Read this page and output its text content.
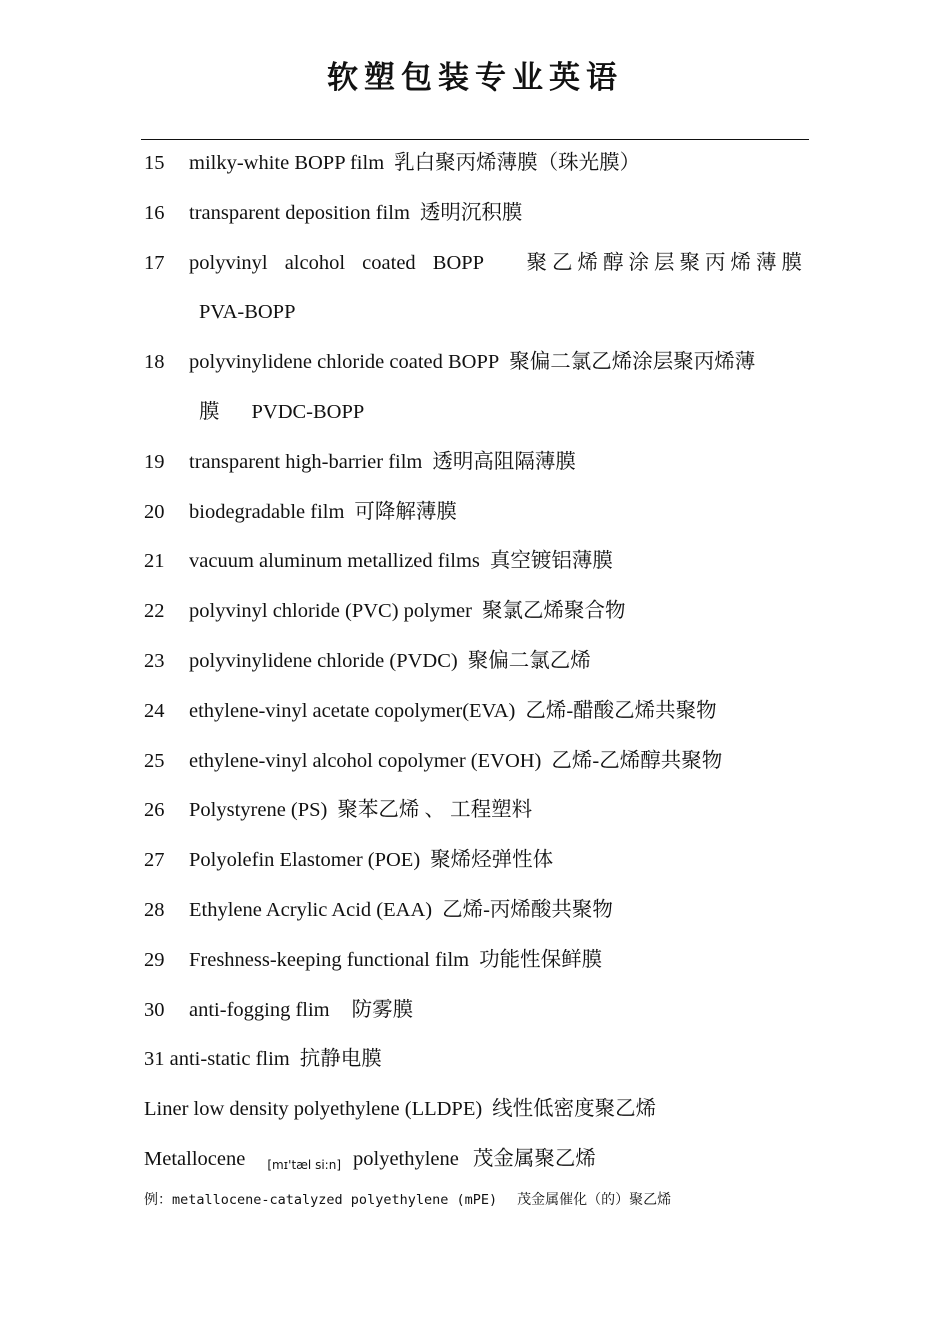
软塑包装专业英语
15 milky-white BOPP film 乳白聚丙烯薄膜（珠光膜）
16 transparent deposition film 透明沉积膜
17 polyvinyl alcohol coated BOPP 聚乙烯醇涂层聚丙烯薄膜
PVA-BOPP
18 polyvinylidene chloride coated BOPP 聚偏二氯乙烯涂层聚丙烯薄
膜 PVDC-BOPP
19 transparent high-barrier film 透明高阻隔薄膜
20 biodegradable film 可降解薄膜
21 vacuum aluminum metallized films 真空镀铝薄膜
22 polyvinyl chloride (PVC) polymer 聚氯乙烯聚合物
23 polyvinylidene chloride (PVDC) 聚偏二氯乙烯
24 ethylene-vinyl acetate copolymer(EVA) 乙烯-醋酸乙烯共聚物
25 ethylene-vinyl alcohol copolymer (EVOH) 乙烯-乙烯醇共聚物
26 Polystyrene (PS) 聚苯乙烯 、 工程塑料
27 Polyolefin Elastomer (POE) 聚烯烃弹性体
28 Ethylene Acrylic Acid (EAA) 乙烯-丙烯酸共聚物
29 Freshness-keeping functional film 功能性保鲜膜
30 anti-fogging flim 防雾膜
31 anti-static flim 抗静电膜
Liner low density polyethylene (LLDPE) 线性低密度聚乙烯
Metallocene [mɪ'tæl si:n] polyethylene 茂金属聚乙烯
例：metallocene-catalyzed polyethylene (mPE) 茂金属催化（的）聚乙烯
